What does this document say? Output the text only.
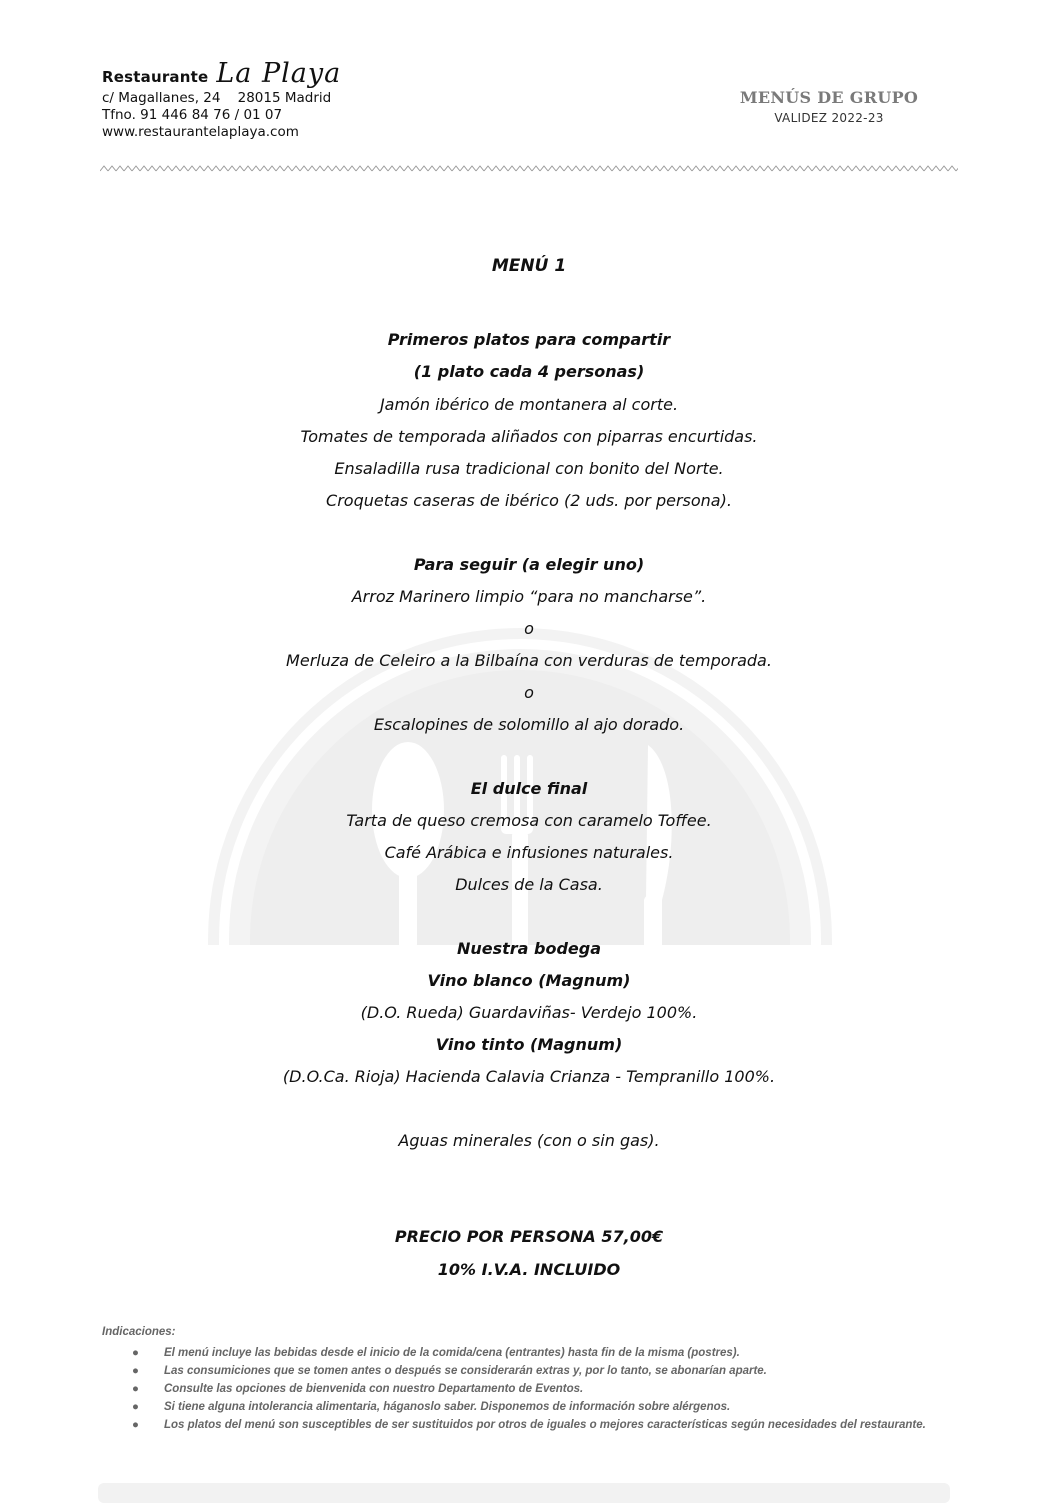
Restaurante La Playa
c/ Magallanes, 24    28015 Madrid
Tfno. 91 446 84 76 / 01 07
www.restaurantelaplaya.com
MENÚS DE GRUPO
VALIDEZ 2022-23
MENÚ 1
Primeros platos para compartir
(1 plato cada 4 personas)
Jamón ibérico de montanera al corte.
Tomates de temporada aliñados con piparras encurtidas.
Ensaladilla rusa tradicional con bonito del Norte.
Croquetas caseras de ibérico (2 uds. por persona).
Para seguir (a elegir uno)
Arroz Marinero limpio “para no mancharse”.
o
Merluza de Celeiro a la Bilbaína con verduras de temporada.
o
Escalopines de solomillo al ajo dorado.
El dulce final
Tarta de queso cremosa con caramelo Toffee.
Café Arábica e infusiones naturales.
Dulces de la Casa.
Nuestra bodega
Vino blanco (Magnum)
(D.O. Rueda) Guardaviñas- Verdejo 100%.
Vino tinto (Magnum)
(D.O.Ca. Rioja) Hacienda Calavia Crianza - Tempranillo 100%.
Aguas minerales (con o sin gas).
PRECIO POR PERSONA 57,00€
10% I.V.A. INCLUIDO
Indicaciones:
● El menú incluye las bebidas desde el inicio de la comida/cena (entrantes) hasta fin de la misma (postres).
● Las consumiciones que se tomen antes o después se considerarán extras y, por lo tanto, se abonarían aparte.
● Consulte las opciones de bienvenida con nuestro Departamento de Eventos.
● Si tiene alguna intolerancia alimentaria, háganoslo saber. Disponemos de información sobre alérgenos.
● Los platos del menú son susceptibles de ser sustituidos por otros de iguales o mejores características según necesidades del restaurante.
